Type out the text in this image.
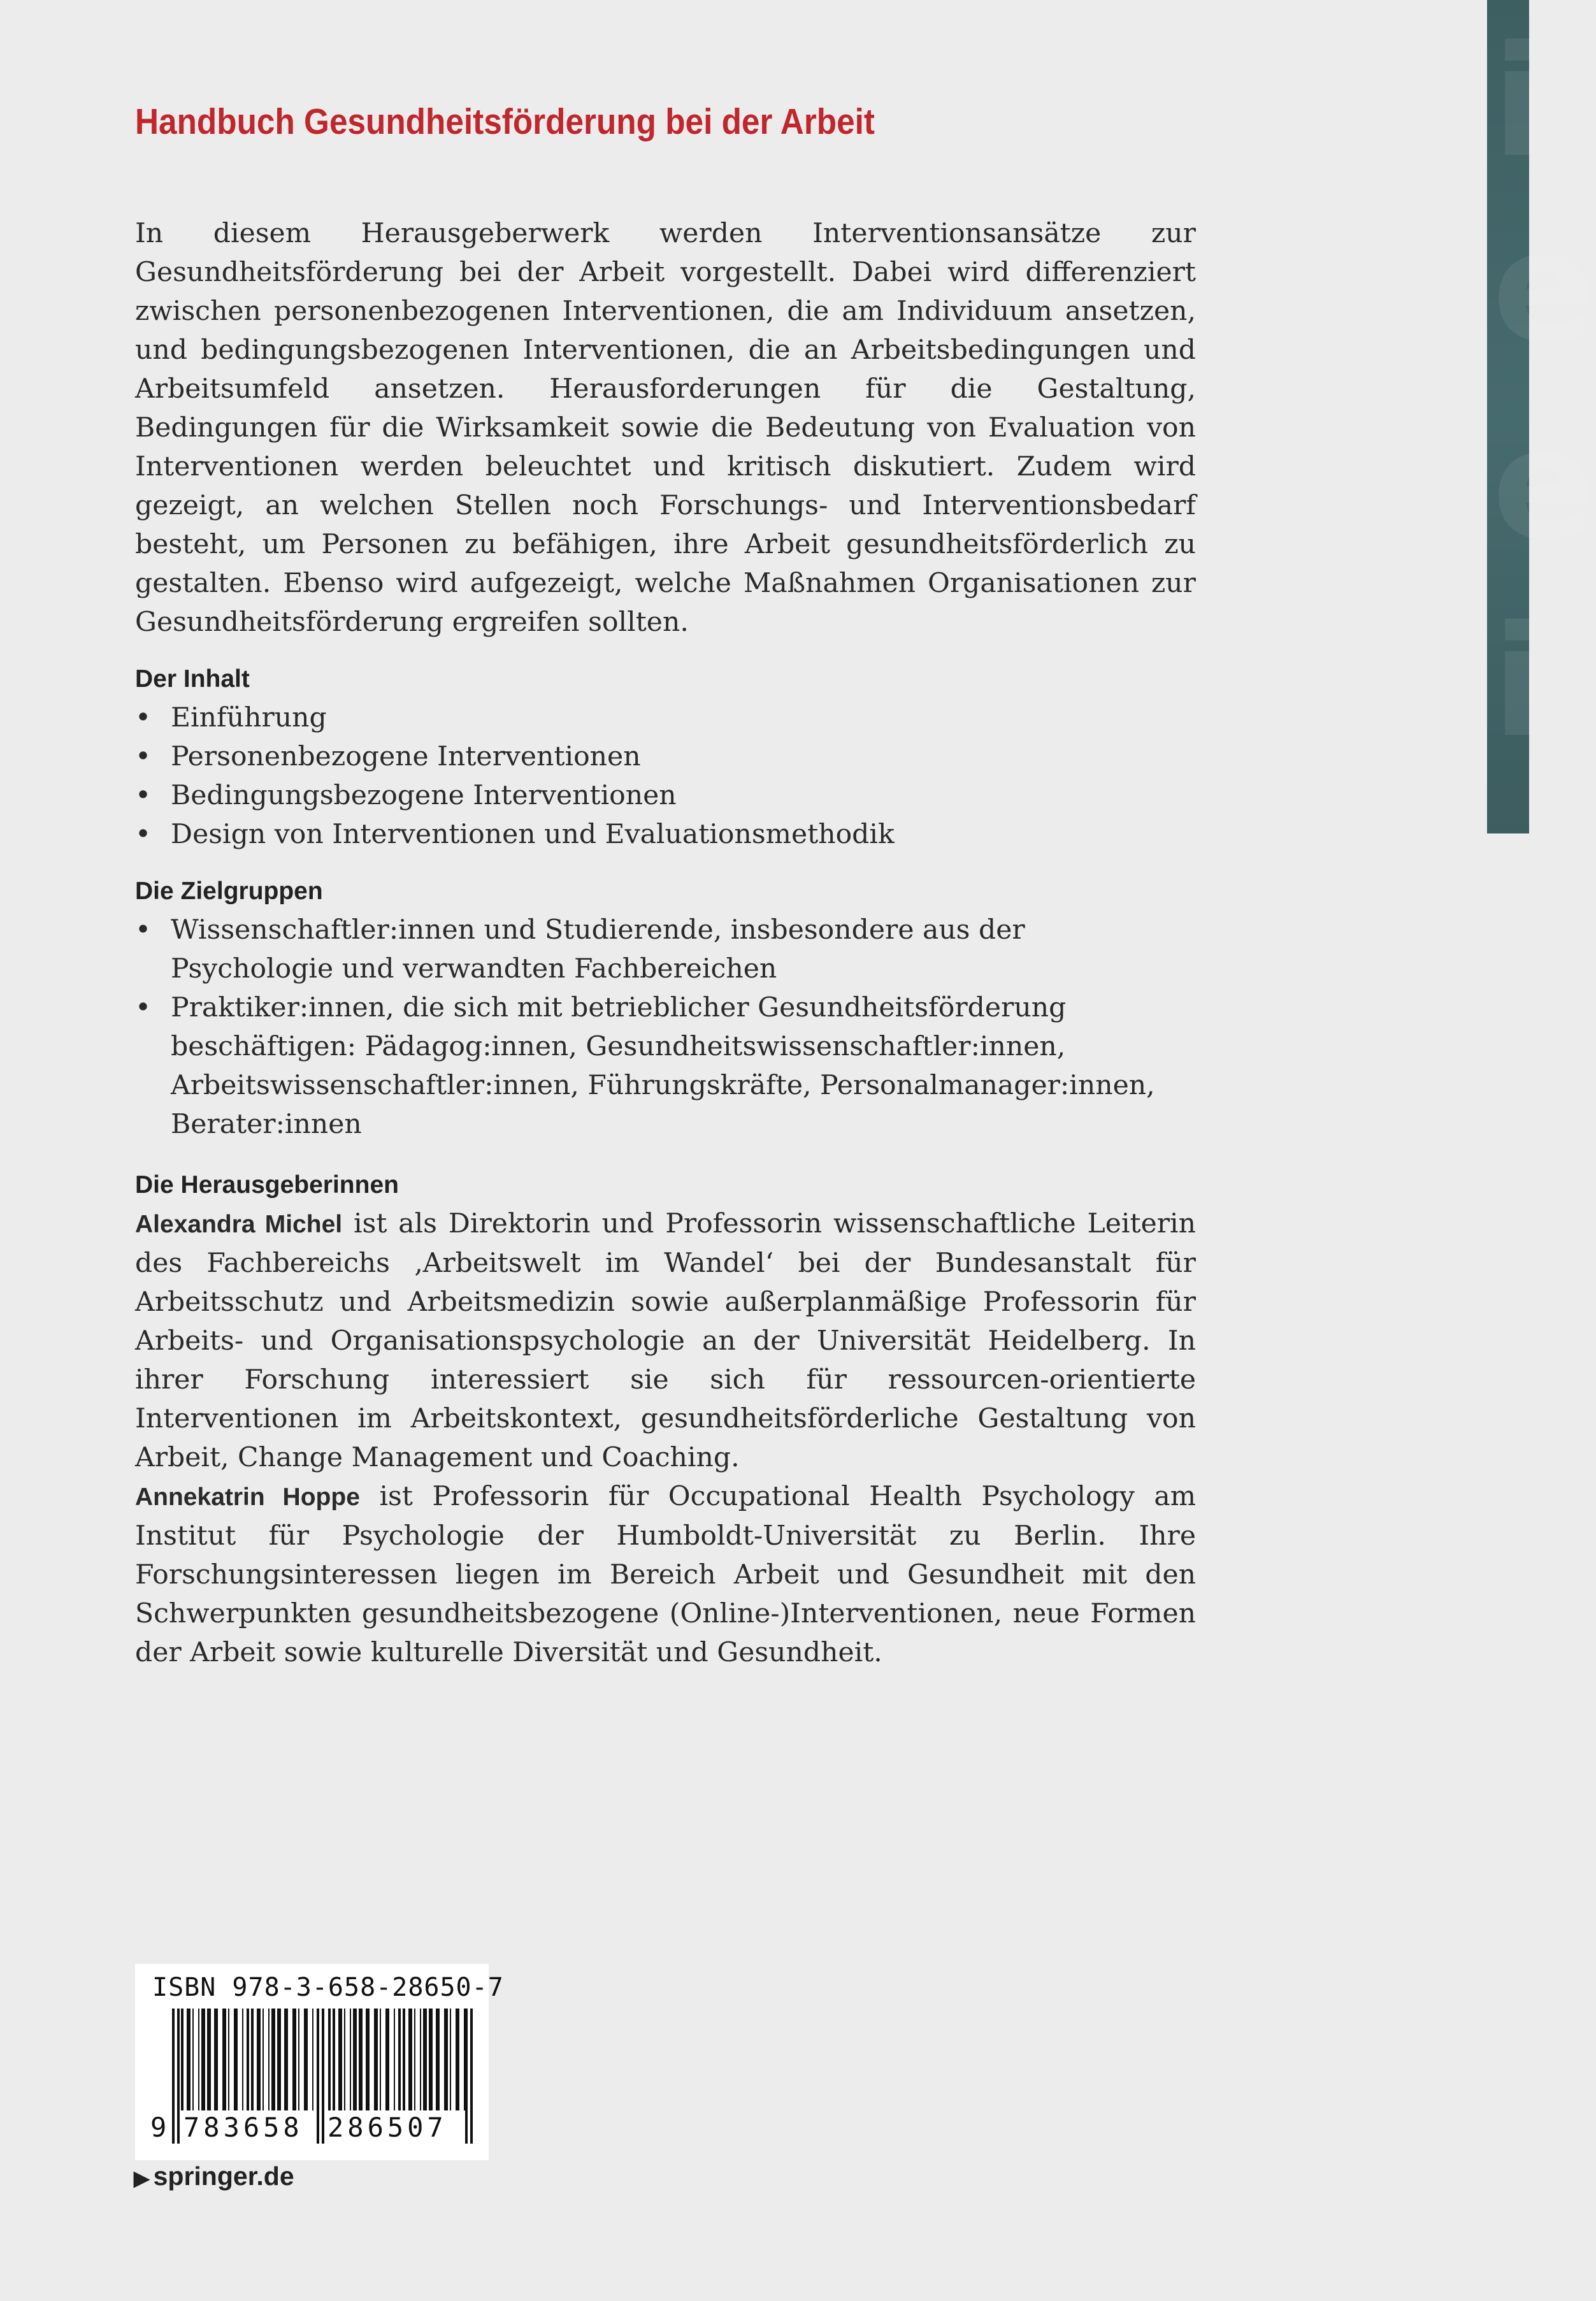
i
e
e
i
Handbuch Gesundheitsförderung bei der Arbeit

In diesem Herausgeberwerk werden Interventionsansätze zur Gesundheitsförderung bei der Arbeit vorgestellt. Dabei wird differenziert zwischen personenbezogenen Interventionen, die am Individuum ansetzen, und bedingungsbezogenen Interventionen, die an Arbeitsbedingungen und Arbeitsumfeld ansetzen. Herausforderungen für die Gestaltung, Bedingungen für die Wirksamkeit sowie die Bedeutung von Evaluation von Interventionen werden beleuchtet und kritisch diskutiert. Zudem wird gezeigt, an welchen Stellen noch Forschungs- und Interventionsbedarf besteht, um Personen zu befähigen, ihre Arbeit gesundheitsförderlich zu gestalten. Ebenso wird aufgezeigt, welche Maßnahmen Organisationen zur Gesundheitsförderung ergreifen sollten.

Der Inhalt
• Einführung
• Personenbezogene Interventionen
• Bedingungsbezogene Interventionen
• Design von Interventionen und Evaluationsmethodik
Die Zielgruppen
• Wissenschaftler:innen und Studierende, insbesondere aus der Psychologie und verwandten Fachbereichen
• Praktiker:innen, die sich mit betrieblicher Gesundheitsförderung beschäftigen: Pädagog:innen, Gesundheitswissenschaftler:innen, Arbeitswissenschaftler:innen, Führungskräfte, Personalmanager:innen, Berater:innen
Die Herausgeberinnen

Alexandra Michel ist als Direktorin und Professorin wissenschaftliche Leiterin des Fachbereichs ‚Arbeitswelt im Wandel‘ bei der Bundesanstalt für Arbeitsschutz und Arbeitsmedizin sowie außerplanmäßige Professorin für Arbeits- und Organisationspsychologie an der Universität Heidelberg. In ihrer Forschung interessiert sie sich für ressourcen-orientierte Interventionen im Arbeitskontext, gesundheitsförderliche Gestaltung von Arbeit, Change Management und Coaching.

Annekatrin Hoppe ist Professorin für Occupational Health Psychology am Institut für Psychologie der Humboldt-Universität zu Berlin. Ihre Forschungsinteressen liegen im Bereich Arbeit und Gesundheit mit den Schwerpunkten gesundheitsbezogene (Online-)Interventionen, neue Formen der Arbeit sowie kulturelle Diversität und Gesundheit.

ISBN 978-3-658-28650-7
9 783658 286507
▶ springer.de
